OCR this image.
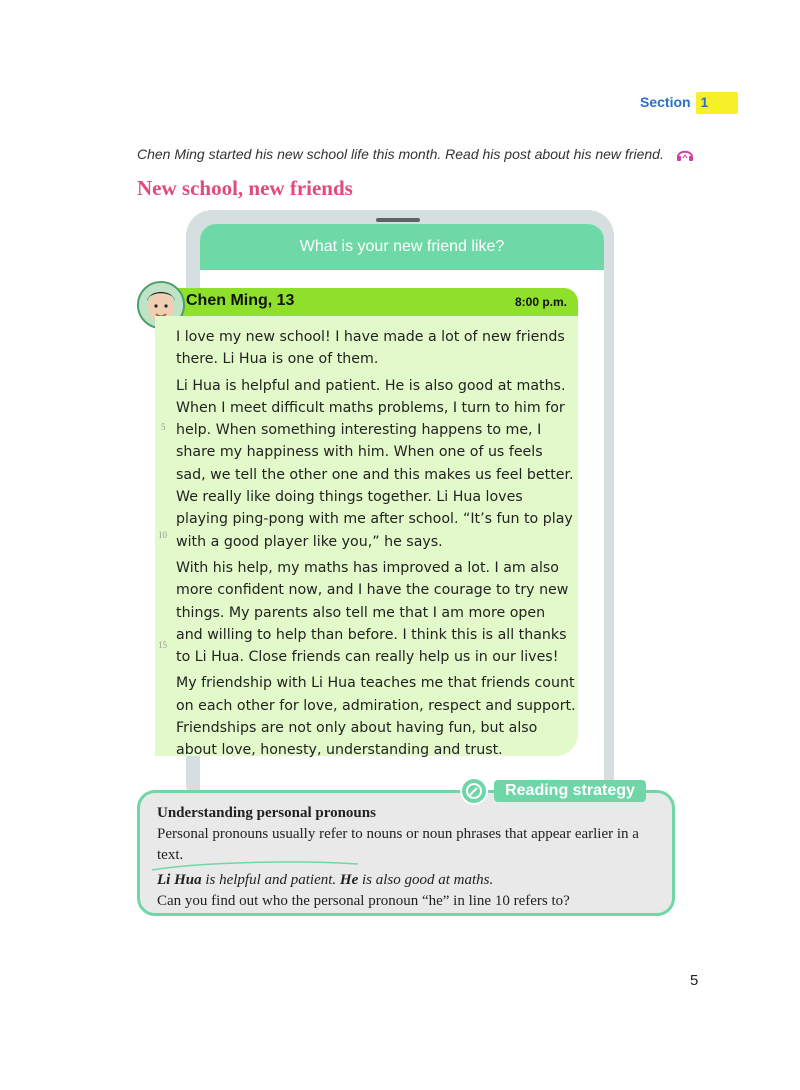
Section 1
Chen Ming started his new school life this month. Read his post about his new friend.
New school, new friends
What is your new friend like?
Chen Ming, 13	8:00 p.m.

I love my new school! I have made a lot of new friends there. Li Hua is one of them.

Li Hua is helpful and patient. He is also good at maths. When I meet difficult maths problems, I turn to him for help. When something interesting happens to me, I share my happiness with him. When one of us feels sad, we tell the other one and this makes us feel better. We really like doing things together. Li Hua loves playing ping-pong with me after school. “It’s fun to play with a good player like you,” he says.

With his help, my maths has improved a lot. I am also more confident now, and I have the courage to try new things. My parents also tell me that I am more open and willing to help than before. I think this is all thanks to Li Hua. Close friends can really help us in our lives!

My friendship with Li Hua teaches me that friends count on each other for love, admiration, respect and support. Friendships are not only about having fun, but also about love, honesty, understanding and trust.

5
10
15
Reading strategy
Understanding personal pronouns
Personal pronouns usually refer to nouns or noun phrases that appear earlier in a text.
Li Hua is helpful and patient. He is also good at maths.
Can you find out who the personal pronoun “he” in line 10 refers to?
5
